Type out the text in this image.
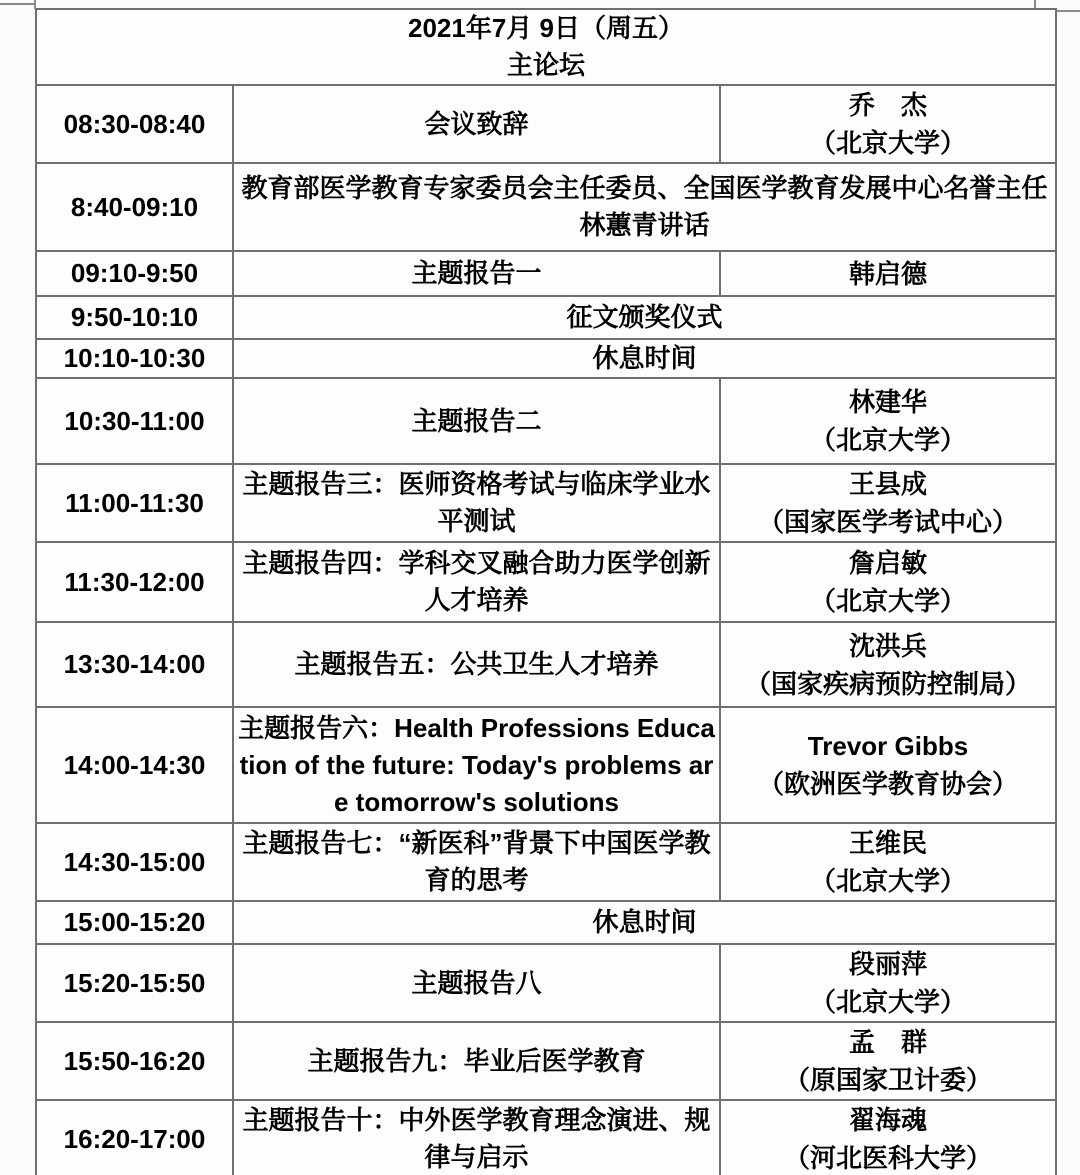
2021年7月 9日（周五）
主论坛		

08:30-08:40	会议致辞	乔　杰
（北京大学）

8:40-09:10	教育部医学教育专家委员会主任委员、全国医学教育发展中心名誉主任林蕙青讲话	
09:10-9:50	主题报告一	韩启德

9:50-10:10	征文颁奖仪式	
10:10-10:30	休息时间	
10:30-11:00	主题报告二	林建华
（北京大学）

11:00-11:30	主题报告三：医师资格考试与临床学业水平测试	王县成
（国家医学考试中心）

11:30-12:00	主题报告四：学科交叉融合助力医学创新人才培养	詹启敏
（北京大学）

13:30-14:00	主题报告五：公共卫生人才培养	沈洪兵
（国家疾病预防控制局）

14:00-14:30	主题报告六：Health Professions Education of the future: Today's problems are tomorrow's solutions	Trevor Gibbs
（欧洲医学教育协会）

14:30-15:00	主题报告七：“新医科”背景下中国医学教育的思考	王维民
（北京大学）

15:00-15:20	休息时间	
15:20-15:50	主题报告八	段丽萍
（北京大学）

15:50-16:20	主题报告九：毕业后医学教育	孟　群
（原国家卫计委）

16:20-17:00	主题报告十：中外医学教育理念演进、规律与启示	翟海魂
（河北医科大学）
